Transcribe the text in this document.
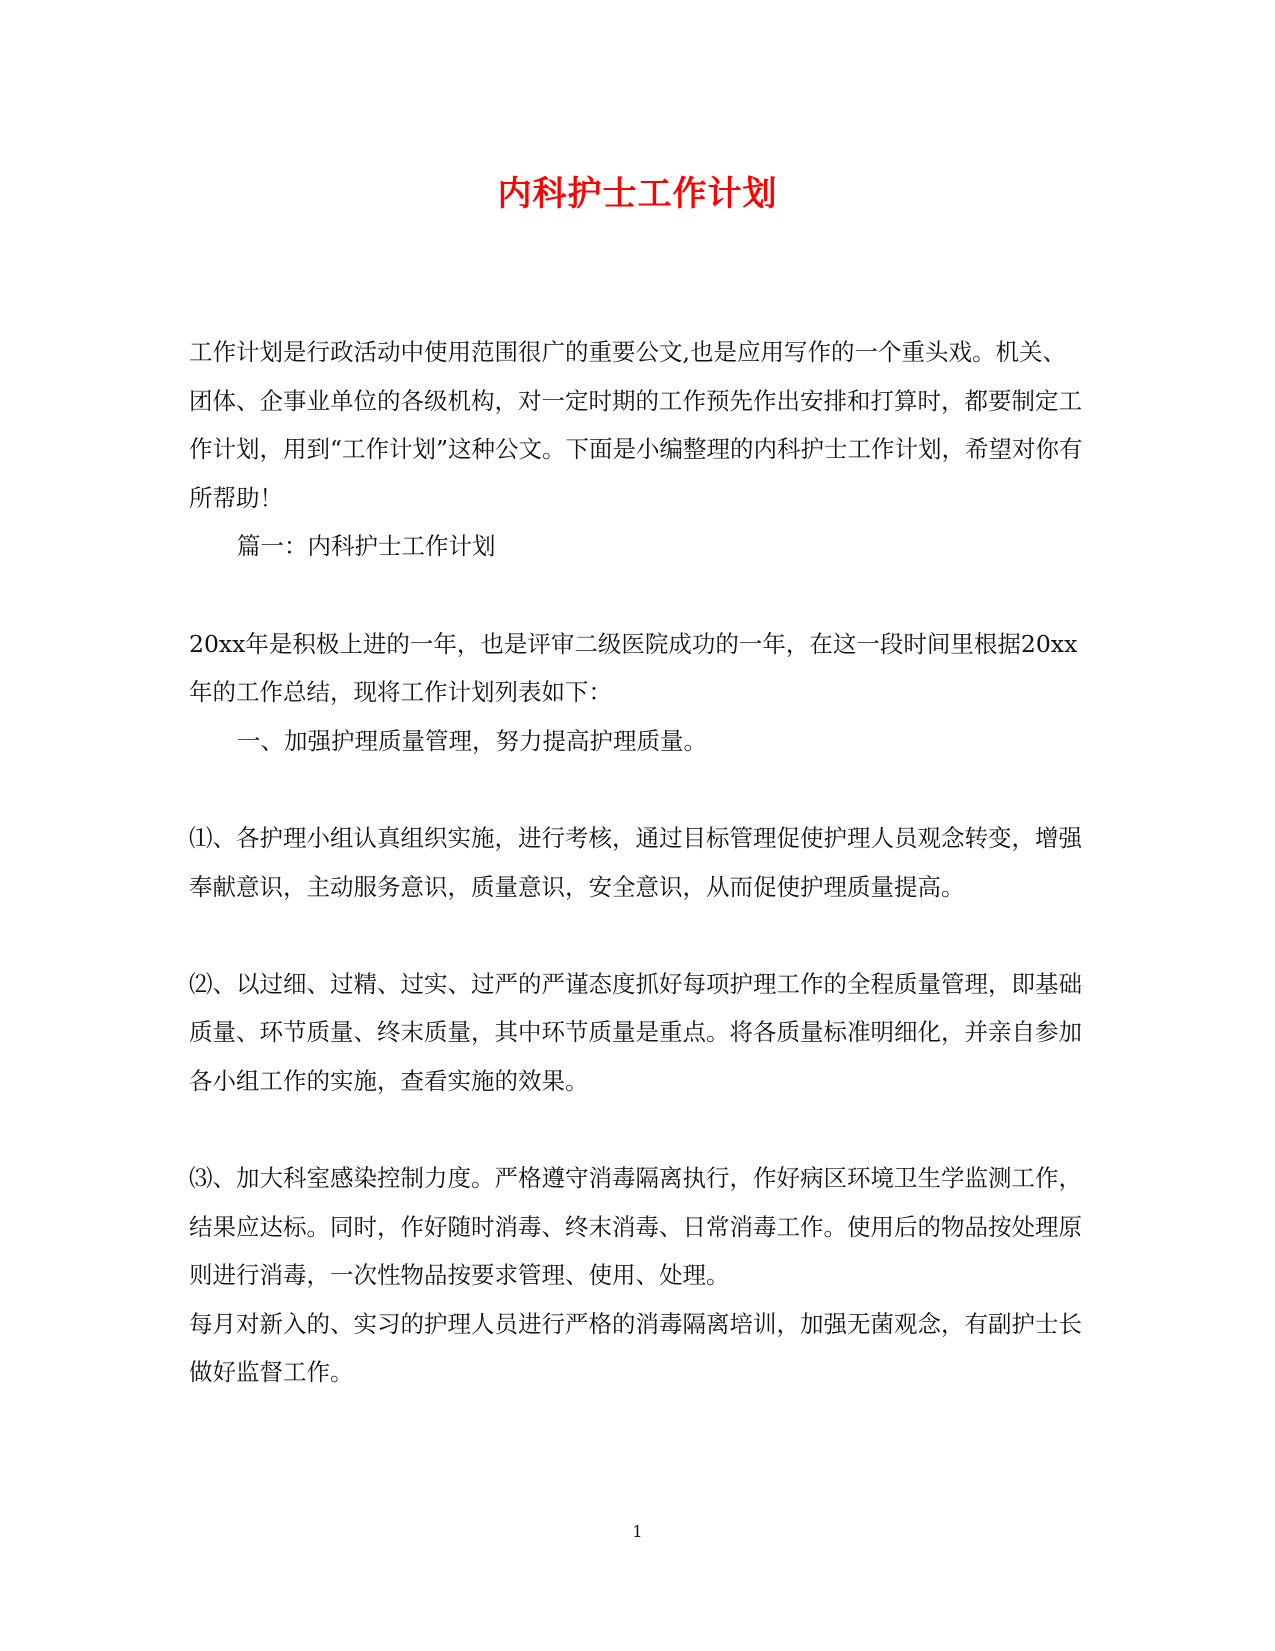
内科护士工作计划

工作计划是行政活动中使用范围很广的重要公文,也是应用写作的一个重头戏。机关、团体、企事业单位的各级机构，对一定时期的工作预先作出安排和打算时，都要制定工作计划，用到“工作计划”这种公文。下面是小编整理的内科护士工作计划，希望对你有所帮助！

篇一：内科护士工作计划

20xx年是积极上进的一年，也是评审二级医院成功的一年，在这一段时间里根据20xx年的工作总结，现将工作计划列表如下：

一、加强护理质量管理，努力提高护理质量。

⑴、各护理小组认真组织实施，进行考核，通过目标管理促使护理人员观念转变，增强奉献意识，主动服务意识，质量意识，安全意识，从而促使护理质量提高。

⑵、以过细、过精、过实、过严的严谨态度抓好每项护理工作的全程质量管理，即基础质量、环节质量、终末质量，其中环节质量是重点。将各质量标准明细化，并亲自参加各小组工作的实施，查看实施的效果。

⑶、加大科室感染控制力度。严格遵守消毒隔离执行，作好病区环境卫生学监测工作，结果应达标。同时，作好随时消毒、终末消毒、日常消毒工作。使用后的物品按处理原则进行消毒，一次性物品按要求管理、使用、处理。

每月对新入的、实习的护理人员进行严格的消毒隔离培训，加强无菌观念，有副护士长做好监督工作。

1
